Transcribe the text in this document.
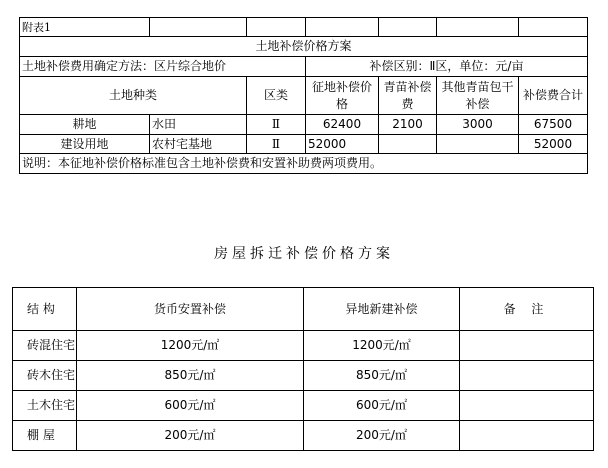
附表1						
土地补偿价格方案						
土地补偿费用确定方法：区片综合地价			补偿区别：Ⅱ区，单位：元/亩			
土地种类		区类	征地补偿价格	青苗补偿费	其他青苗包干补偿	补偿费合计
耕地	水田	Ⅱ	62400	2100	3000	67500
建设用地	农村宅基地	Ⅱ	52000			52000
说明：本征地补偿价格标准包含土地补偿费和安置补助费两项费用。						
房屋拆迁补偿价格方案
结 构	货币安置补偿	异地新建补偿	备 注
砖混住宅	1200元/㎡	1200元/㎡	
砖木住宅	850元/㎡	850元/㎡	
土木住宅	600元/㎡	600元/㎡	
棚 屋	200元/㎡	200元/㎡	
